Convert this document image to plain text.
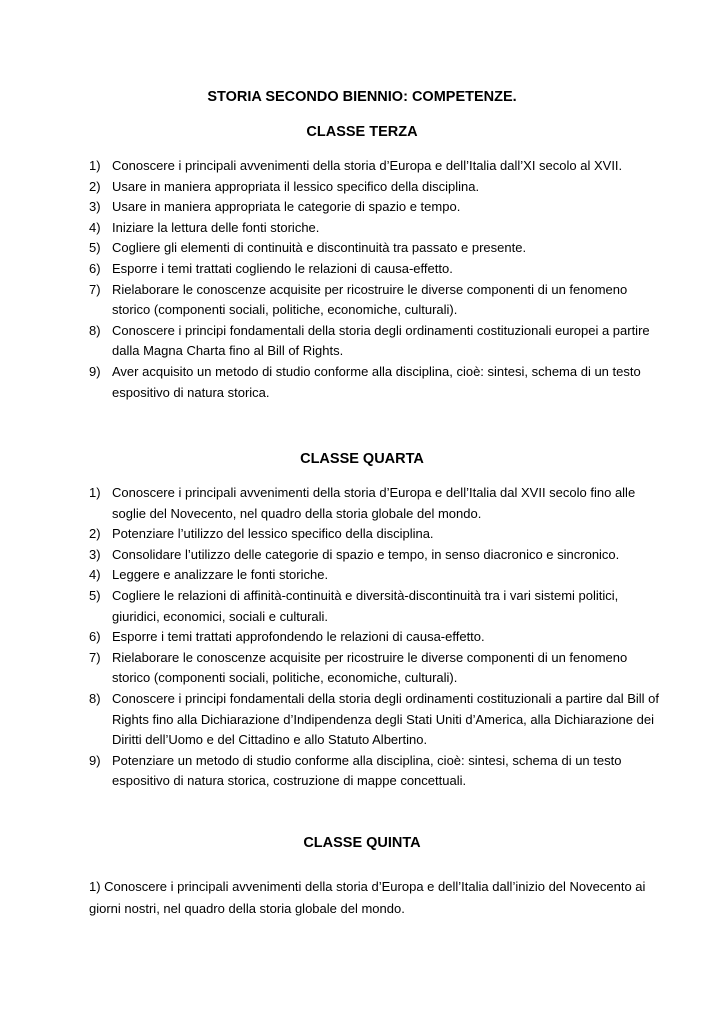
STORIA SECONDO BIENNIO: COMPETENZE.
CLASSE TERZA
1) Conoscere i principali avvenimenti della storia d’Europa e dell’Italia dall’XI secolo al XVII.
2) Usare in maniera appropriata il lessico specifico della disciplina.
3) Usare in maniera appropriata le categorie di spazio e tempo.
4) Iniziare la lettura delle fonti storiche.
5) Cogliere gli elementi di continuità e discontinuità tra passato e presente.
6) Esporre i temi trattati cogliendo le relazioni di causa-effetto.
7) Rielaborare le conoscenze acquisite per ricostruire le diverse componenti di un fenomeno storico (componenti sociali, politiche, economiche, culturali).
8) Conoscere i principi fondamentali della storia degli ordinamenti costituzionali europei a partire dalla Magna Charta fino al Bill of Rights.
9) Aver acquisito un metodo di studio conforme alla disciplina, cioè: sintesi, schema di un testo espositivo di natura storica.
CLASSE QUARTA
1) Conoscere i principali avvenimenti della storia d’Europa e dell’Italia dal XVII secolo fino alle soglie del Novecento, nel quadro della storia globale del mondo.
2) Potenziare l’utilizzo del lessico specifico della disciplina.
3) Consolidare l’utilizzo delle categorie di spazio e tempo, in senso diacronico e sincronico.
4) Leggere e analizzare le fonti storiche.
5) Cogliere le relazioni di affinità-continuità e diversità-discontinuità tra i vari sistemi politici, giuridici, economici, sociali e culturali.
6) Esporre i temi trattati approfondendo le relazioni di causa-effetto.
7) Rielaborare le conoscenze acquisite per ricostruire le diverse componenti di un fenomeno storico (componenti sociali, politiche, economiche, culturali).
8) Conoscere i principi fondamentali della storia degli ordinamenti costituzionali a partire dal Bill of Rights fino alla Dichiarazione d’Indipendenza degli Stati Uniti d’America, alla Dichiarazione dei Diritti dell’Uomo e del Cittadino e allo Statuto Albertino.
9) Potenziare un metodo di studio conforme alla disciplina, cioè: sintesi, schema di un testo espositivo di natura storica, costruzione di mappe concettuali.
CLASSE QUINTA

1) Conoscere i principali avvenimenti della storia d’Europa e dell’Italia dall’inizio del Novecento ai giorni nostri, nel quadro della storia globale del mondo.
